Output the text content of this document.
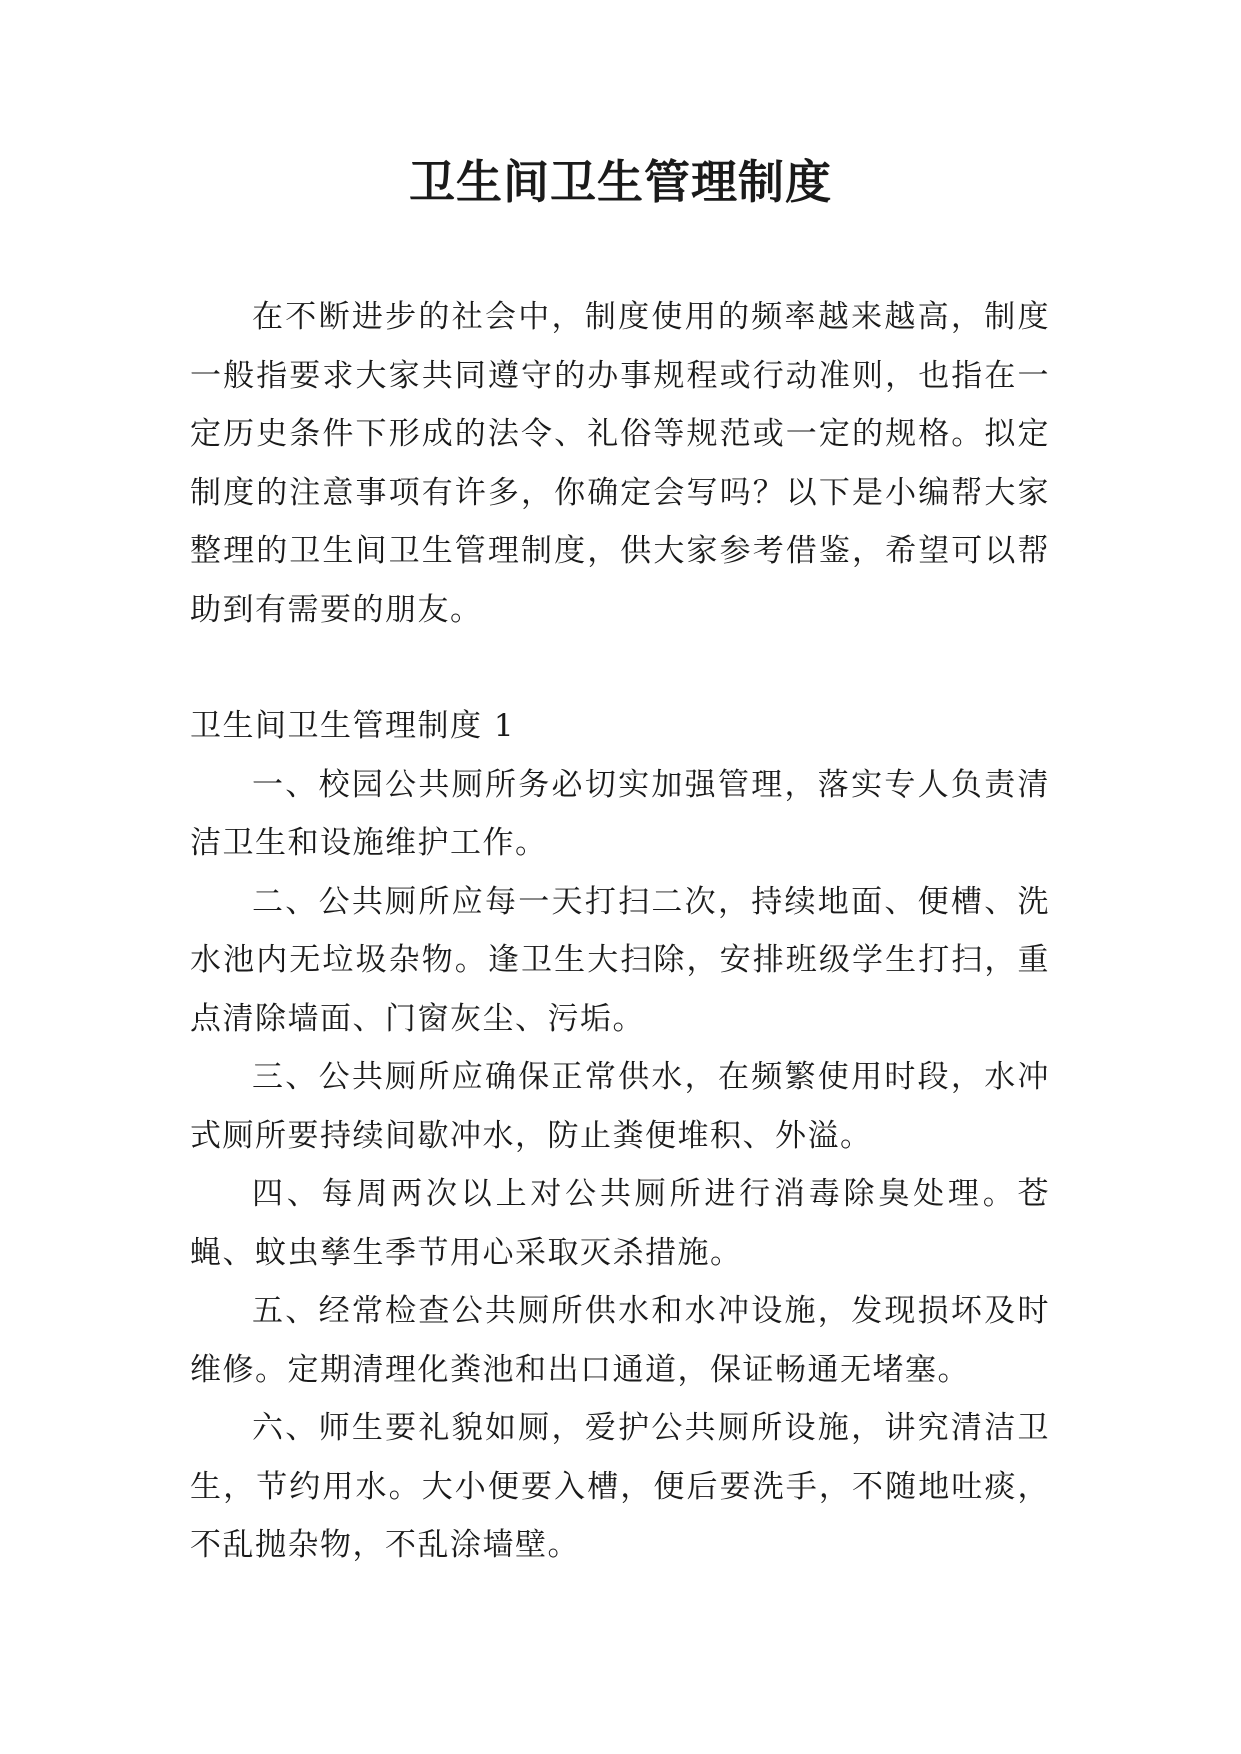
卫生间卫生管理制度

在不断进步的社会中，制度使用的频率越来越高，制度一般指要求大家共同遵守的办事规程或行动准则，也指在一定历史条件下形成的法令、礼俗等规范或一定的规格。拟定制度的注意事项有许多，你确定会写吗？以下是小编帮大家整理的卫生间卫生管理制度，供大家参考借鉴，希望可以帮助到有需要的朋友。

卫生间卫生管理制度 1

一、校园公共厕所务必切实加强管理，落实专人负责清洁卫生和设施维护工作。

二、公共厕所应每一天打扫二次，持续地面、便槽、洗水池内无垃圾杂物。逢卫生大扫除，安排班级学生打扫，重点清除墙面、门窗灰尘、污垢。

三、公共厕所应确保正常供水，在频繁使用时段，水冲式厕所要持续间歇冲水，防止粪便堆积、外溢。

四、每周两次以上对公共厕所进行消毒除臭处理。苍蝇、蚊虫孳生季节用心采取灭杀措施。

五、经常检查公共厕所供水和水冲设施，发现损坏及时维修。定期清理化粪池和出口通道，保证畅通无堵塞。

六、师生要礼貌如厕，爱护公共厕所设施，讲究清洁卫生，节约用水。大小便要入槽，便后要洗手，不随地吐痰，不乱抛杂物，不乱涂墙壁。
